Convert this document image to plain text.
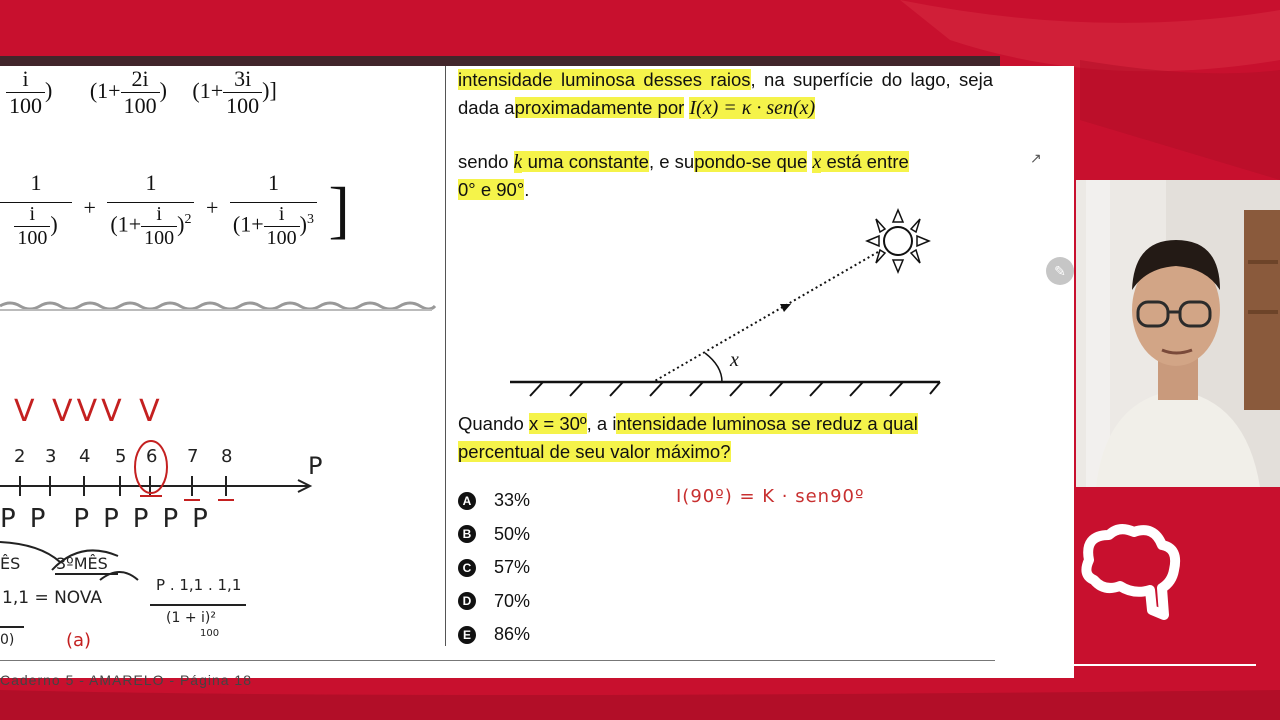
$\frac{i}{100}$ ) ($1+ \frac{2i}{100}$ ) ($1+ \frac{3i}{100}$ )]
$\frac{1}{\frac{i}{100} )} + \frac{1}{(1+ \frac{i}{100} )^2} + \frac{1}{(1+ \frac{i}{100} )^3}$ ]
V VVV V
2 3 4 5 6 7 8	P
PP PPPPP
ÊS 3ºMÊS
1,1 = NOVA
P . 1,1 . 1,1
(1 + i)²
100
0)	(a)
Caderno 5 - AMARELO - Página 18

intensidade luminosa desses raios, na superfície do lago, seja dada aproximadamente por I(x) = κ · sen(x)

sendo k uma constante, e supondo-se que x está entre
0° e 90°.

x

Quando x = 30º, a intensidade luminosa se reduz a qual
percentual de seu valor máximo?

A 33%
B 50%
C 57%
D 70%
E 86%
I(90º) = K · sen90º
↗
✎
